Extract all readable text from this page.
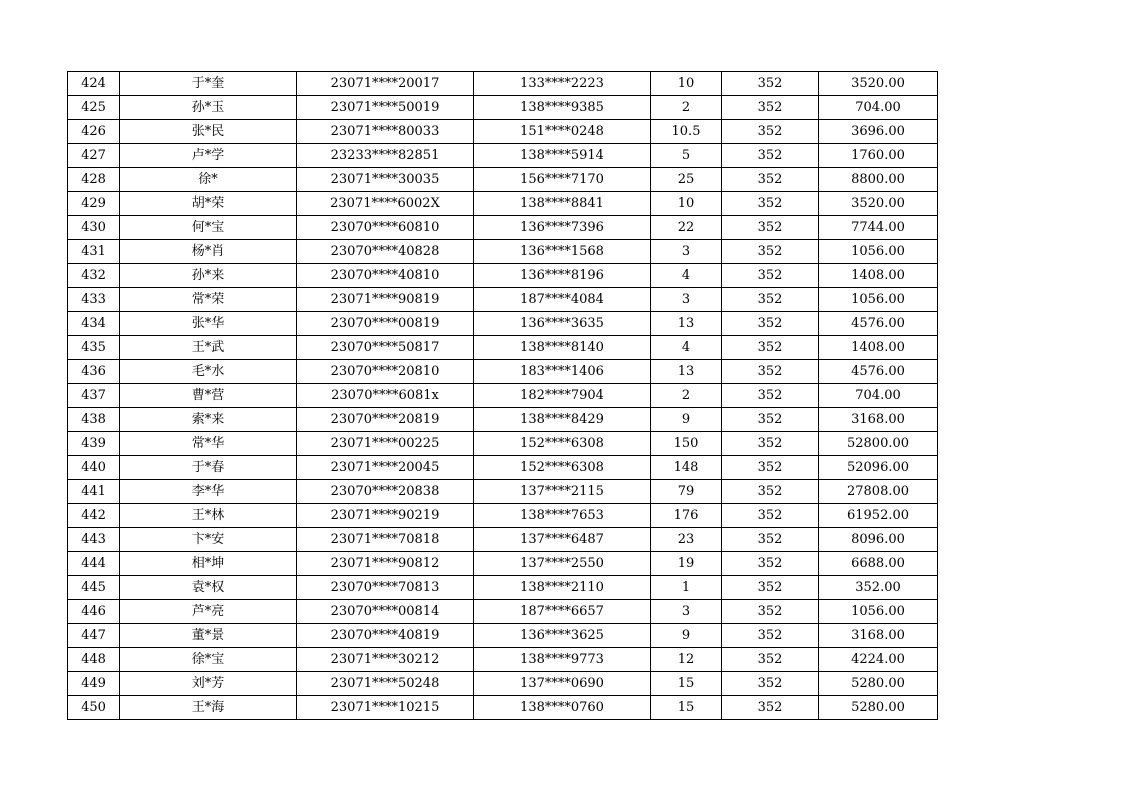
424	于*奎	23071****20017	133****2223	10	352	3520.00
425	孙*玉	23071****50019	138****9385	2	352	704.00
426	张*民	23071****80033	151****0248	10.5	352	3696.00
427	卢*学	23233****82851	138****5914	5	352	1760.00
428	徐*	23071****30035	156****7170	25	352	8800.00
429	胡*荣	23071****6002X	138****8841	10	352	3520.00
430	何*宝	23070****60810	136****7396	22	352	7744.00
431	杨*肖	23070****40828	136****1568	3	352	1056.00
432	孙*来	23070****40810	136****8196	4	352	1408.00
433	常*荣	23071****90819	187****4084	3	352	1056.00
434	张*华	23070****00819	136****3635	13	352	4576.00
435	王*武	23070****50817	138****8140	4	352	1408.00
436	毛*水	23070****20810	183****1406	13	352	4576.00
437	曹*营	23070****6081x	182****7904	2	352	704.00
438	索*来	23070****20819	138****8429	9	352	3168.00
439	常*华	23071****00225	152****6308	150	352	52800.00
440	于*春	23071****20045	152****6308	148	352	52096.00
441	李*华	23070****20838	137****2115	79	352	27808.00
442	王*林	23071****90219	138****7653	176	352	61952.00
443	卞*安	23071****70818	137****6487	23	352	8096.00
444	相*坤	23071****90812	137****2550	19	352	6688.00
445	袁*权	23070****70813	138****2110	1	352	352.00
446	芦*亮	23070****00814	187****6657	3	352	1056.00
447	董*景	23070****40819	136****3625	9	352	3168.00
448	徐*宝	23071****30212	138****9773	12	352	4224.00
449	刘*芳	23071****50248	137****0690	15	352	5280.00
450	王*海	23071****10215	138****0760	15	352	5280.00
